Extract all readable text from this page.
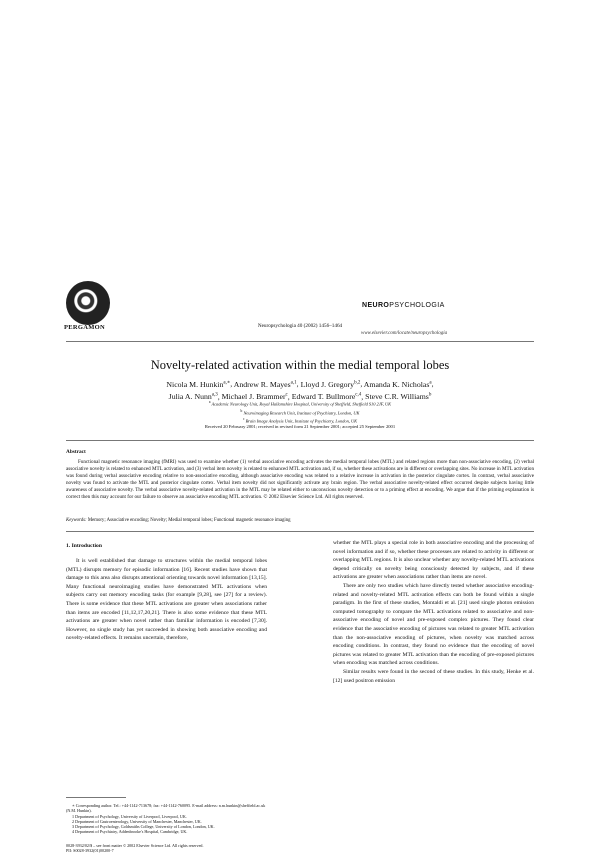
PERGAMON	Neuropsychologia 40 (2002) 1456–1464
NEUROPSYCHOLOGIA
www.elsevier.com/locate/neuropsychologia
Novelty-related activation within the medial temporal lobes
Nicola M. Hunkin$^{a,∗}$, Andrew R. Mayes$^{a,1}$, Lloyd J. Gregory$^{b,2}$, Amanda K. Nicholas$^a$,
Julia A. Nunn$^{a,3}$, Michael J. Brammer$^c$, Edward T. Bullmore$^{c,4}$, Steve C.R. Williams$^b$
$^a$ Academic Neurology Unit, Royal Hallamshire Hospital, University of Sheffield, Sheffield S10 2JF, UK
$^b$ Neuroimaging Research Unit, Institute of Psychiatry, London, UK
$^c$ Brain Image Analysis Unit, Institute of Psychiatry, London, UK
Received 20 February 2001; received in revised form 21 September 2001; accepted 25 September 2001
Abstract
Functional magnetic resonance imaging (fMRI) was used to examine whether (1) verbal associative encoding activates the medial temporal lobes (MTL) and related regions more than non-associative encoding, (2) verbal associative novelty is related to enhanced MTL activation, and (3) verbal item novelty is related to enhanced MTL activation and, if so, whether these activations are in different or overlapping sites. No increase in MTL activation was found during verbal associative encoding relative to non-associative encoding, although associative encoding was related to a relative increase in activation in the posterior cingulate cortex. In contrast, verbal associative novelty was found to activate the MTL and posterior cingulate cortex. Verbal item novelty did not significantly activate any brain region. The verbal associative novelty-related effect occurred despite subjects having little awareness of associative novelty. The verbal associative novelty-related activation in the MTL may be related either to unconscious novelty detection or to a priming effect at encoding. We argue that if the priming explanation is correct then this may account for our failure to observe an associative encoding MTL activation. © 2002 Elsevier Science Ltd. All rights reserved.
Keywords: Memory; Associative encoding; Novelty; Medial temporal lobes; Functional magnetic resonance imaging
1. Introduction

It is well established that damage to structures within the medial temporal lobes (MTL) disrupts memory for episodic information [16]. Recent studies have shown that damage to this area also disrupts attentional orienting towards novel information [13,15]. Many functional neuroimaging studies have demonstrated MTL activations when subjects carry out memory encoding tasks (for example [9,28], see [27] for a review). There is some evidence that these MTL activations are greater when associations rather than items are encoded [11,12,17,20,21]. There is also some evidence that these MTL activations are greater when novel rather than familiar information is encoded [7,30]. However, no single study has yet succeeded in showing both associative encoding and novelty-related effects. It remains uncertain, therefore,

whether the MTL plays a special role in both associative encoding and the processing of novel information and if so, whether these processes are related to activity in different or overlapping MTL regions. It is also unclear whether any novelty-related MTL activations depend critically on novelty being consciously detected by subjects, and if these activations are greater when associations rather than items are novel.

There are only two studies which have directly tested whether associative encoding-related and novelty-related MTL activation effects can both be found within a single paradigm. In the first of these studies, Montaldi et al. [21] used single photon emission computed tomography to compare the MTL activations related to associative and non-associative encoding of novel and pre-exposed complex pictures. They found clear evidence that the associative encoding of pictures was related to greater MTL activation than the non-associative encoding of pictures, when novelty was matched across encoding conditions. In contrast, they found no evidence that the encoding of novel pictures was related to greater MTL activation than the encoding of pre-exposed pictures when encoding was matched across conditions.

Similar results were found in the second of these studies. In this study, Henke et al. [12] used positron emission

∗ Corresponding author. Tel.: +44-1142-713678; fax: +44-1142-760095. E-mail address: n.m.hunkin@sheffield.ac.uk (N.M. Hunkin).

1 Department of Psychology, University of Liverpool, Liverpool, UK.

2 Department of Gastroenterology, University of Manchester, Manchester, UK.

3 Department of Psychology, Goldsmiths College, University of London, London, UK.

4 Department of Psychiatry, Addenbrooke's Hospital, Cambridge, UK.

0028-3932/02/$ – see front matter © 2002 Elsevier Science Ltd. All rights reserved.
PII: S0028-3932(01)00200-7
